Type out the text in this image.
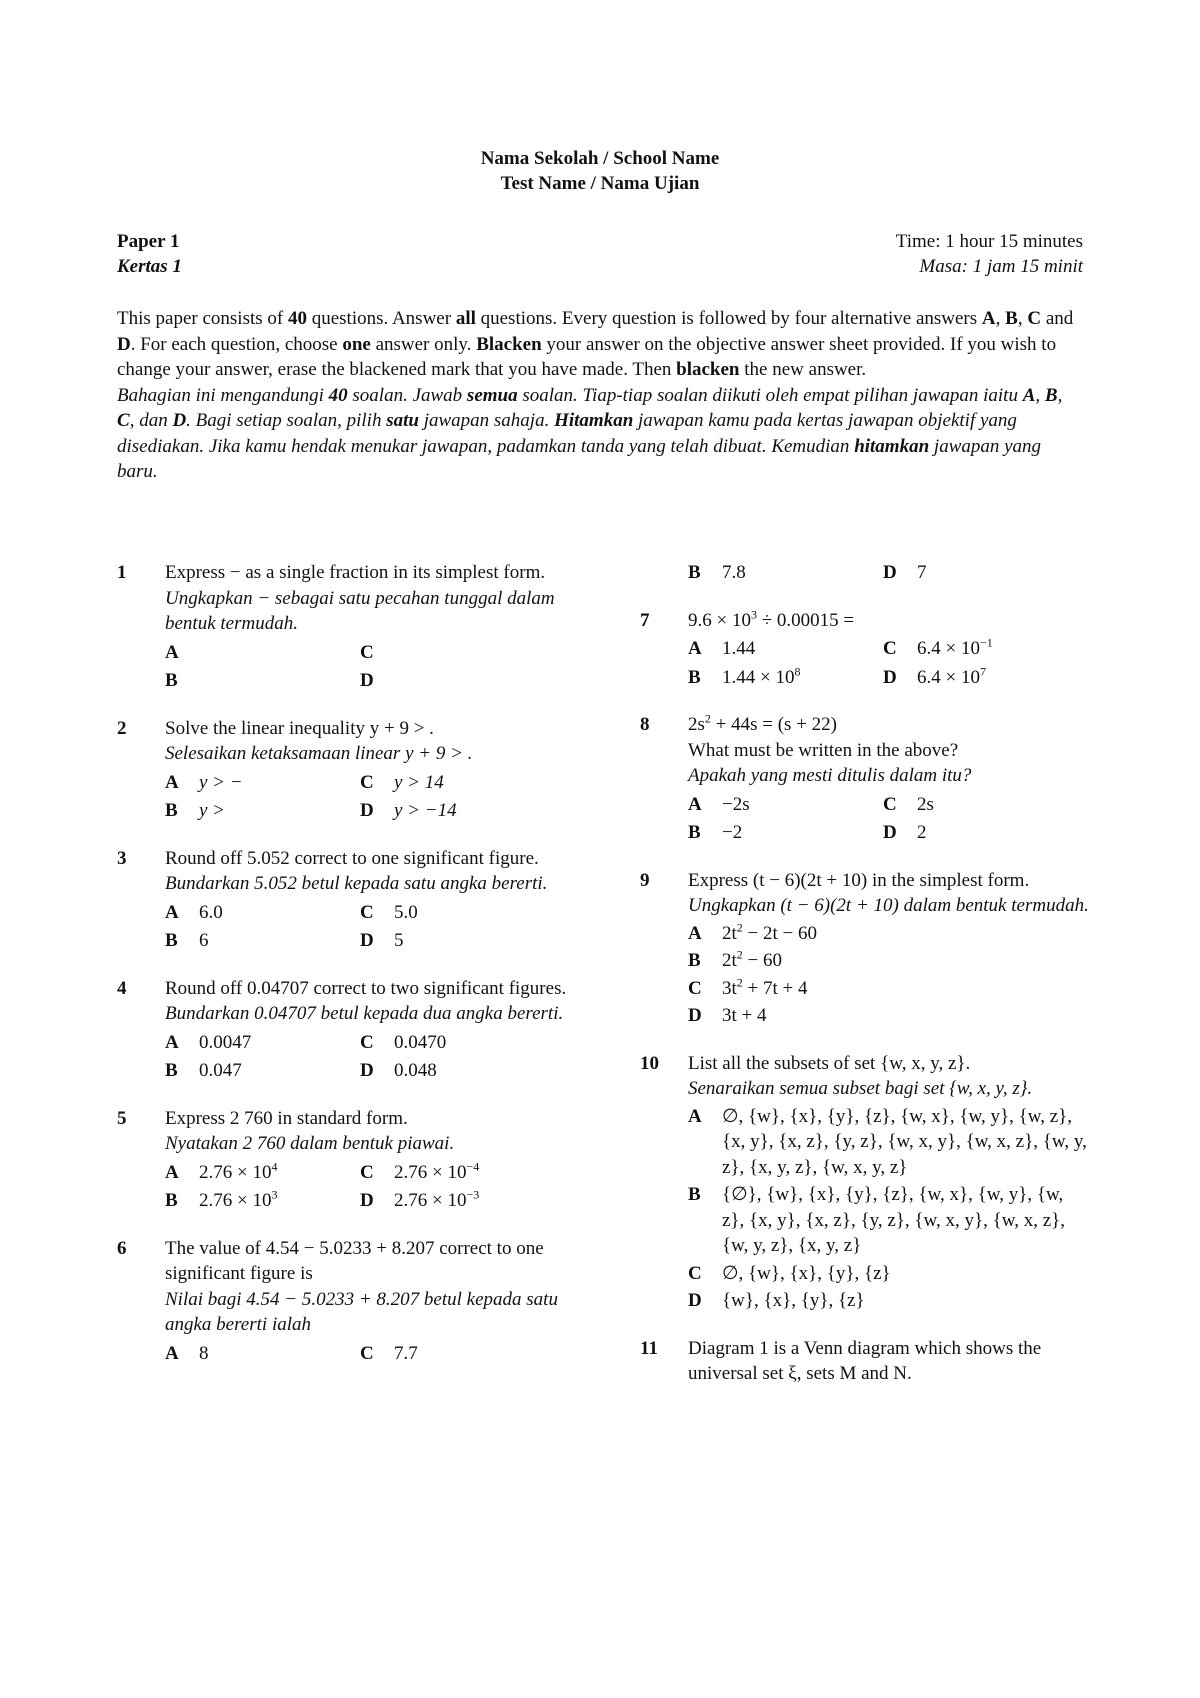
Nama Sekolah / School Name
Test Name / Nama Ujian
Paper 1	Time: 1 hour 15 minutes
Kertas 1	Masa: 1 jam 15 minit

This paper consists of 40 questions. Answer all questions. Every question is followed by four alternative answers A, B, C and D. For each question, choose one answer only. Blacken your answer on the objective answer sheet provided. If you wish to change your answer, erase the blackened mark that you have made. Then blacken the new answer.

Bahagian ini mengandungi 40 soalan. Jawab semua soalan. Tiap-tiap soalan diikuti oleh empat pilihan jawapan iaitu A, B, C, dan D. Bagi setiap soalan, pilih satu jawapan sahaja. Hitamkan jawapan kamu pada kertas jawapan objektif yang disediakan. Jika kamu hendak menukar jawapan, padamkan tanda yang telah dibuat. Kemudian hitamkan jawapan yang baru.

1 Express − as a single fraction in its simplest form.

Ungkapkan − sebagai satu pecahan tunggal dalam bentuk termudah.

A	C
B	D
2 Solve the linear inequality y + 9 > .

Selesaikan ketaksamaan linear y + 9 > .

A y > −	C y > 14
B y >	D y > −14
3 Round off 5.052 correct to one significant figure.

Bundarkan 5.052 betul kepada satu angka bererti.

A 6.0	C 5.0
B 6	D 5
4 Round off 0.04707 correct to two significant figures.

Bundarkan 0.04707 betul kepada dua angka bererti.

A 0.0047	C 0.0470
B 0.047	D 0.048
5 Express 2 760 in standard form.

Nyatakan 2 760 dalam bentuk piawai.

A $2.76 \times 10^4$	C $2.76 \times 10^{-4}$
B $2.76 \times 10^3$	D $2.76 \times 10^{-3}$
6 The value of 4.54 − 5.0233 + 8.207 correct to one significant figure is

Nilai bagi 4.54 − 5.0233 + 8.207 betul kepada satu angka bererti ialah

A 8	C 7.7
B 7.8	D 7
7 $9.6 \times 10^3 \div 0.00015$ =

A 1.44	C $6.4 \times 10^{-1}$
B $1.44 \times 10^8$	D $6.4 \times 10^7$
8 $2s^2 + 44s = (s + 22)$

What must be written in the above?

Apakah yang mesti ditulis dalam itu?

A −2s	C 2s
B −2	D 2
9 Express (t − 6)(2t + 10) in the simplest form.

Ungkapkan (t − 6)(2t + 10) dalam bentuk termudah.

A	$2t^2 - 2t - 60$
B	$2t^2 - 60$
C	$3t^2 + 7t + 4$
D	3t + 4
10 List all the subsets of set {w, x, y, z}.

Senaraikan semua subset bagi set {w, x, y, z}.

A	∅, {w}, {x}, {y}, {z}, {w, x}, {w, y}, {w, z}, {x, y}, {x, z}, {y, z}, {w, x, y}, {w, x, z}, {w, y, z}, {x, y, z}, {w, x, y, z}
B	{∅}, {w}, {x}, {y}, {z}, {w, x}, {w, y}, {w, z}, {x, y}, {x, z}, {y, z}, {w, x, y}, {w, x, z}, {w, y, z}, {x, y, z}
C	∅, {w}, {x}, {y}, {z}
D	{w}, {x}, {y}, {z}
11 Diagram 1 is a Venn diagram which shows the universal set ξ, sets M and N.
